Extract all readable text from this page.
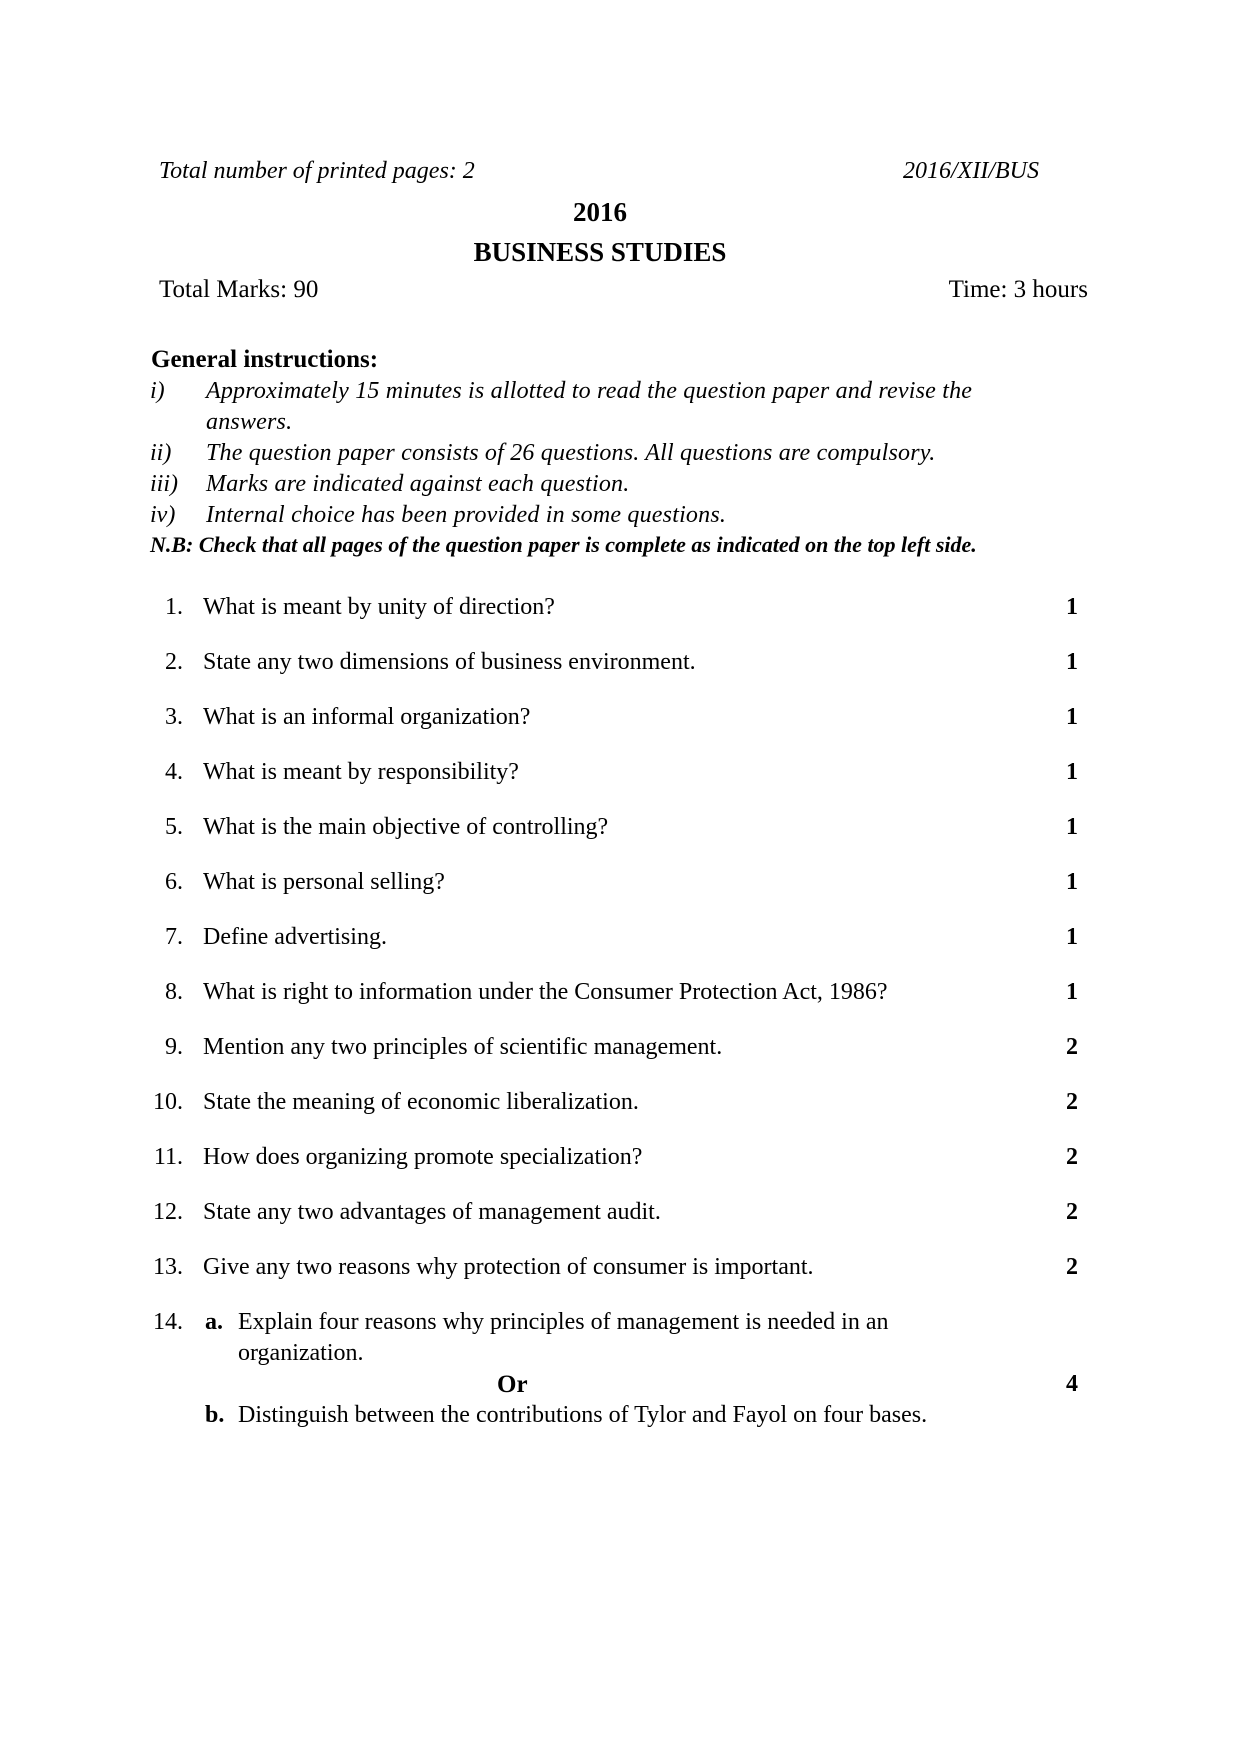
Total number of printed pages: 2	2016/XII/BUS
2016
BUSINESS STUDIES
Total Marks: 90	Time: 3 hours
General instructions:
i) Approximately 15 minutes is allotted to read the question paper and revise the
answers.
ii) The question paper consists of 26 questions. All questions are compulsory.
iii) Marks are indicated against each question.
iv) Internal choice has been provided in some questions.
N.B: Check that all pages of the question paper is complete as indicated on the top left side.
1. What is meant by unity of direction?	1
2. State any two dimensions of business environment.	1
3. What is an informal organization?	1
4. What is meant by responsibility?	1
5. What is the main objective of controlling?	1
6. What is personal selling?	1
7. Define advertising.	1
8. What is right to information under the Consumer Protection Act, 1986?	1
9. Mention any two principles of scientific management.	2
10. State the meaning of economic liberalization.	2
11. How does organizing promote specialization?	2
12. State any two advantages of management audit.	2
13. Give any two reasons why protection of consumer is important.	2
14. a. Explain four reasons why principles of management is needed in an
organization.
Or	4
b. Distinguish between the contributions of Tylor and Fayol on four bases.
